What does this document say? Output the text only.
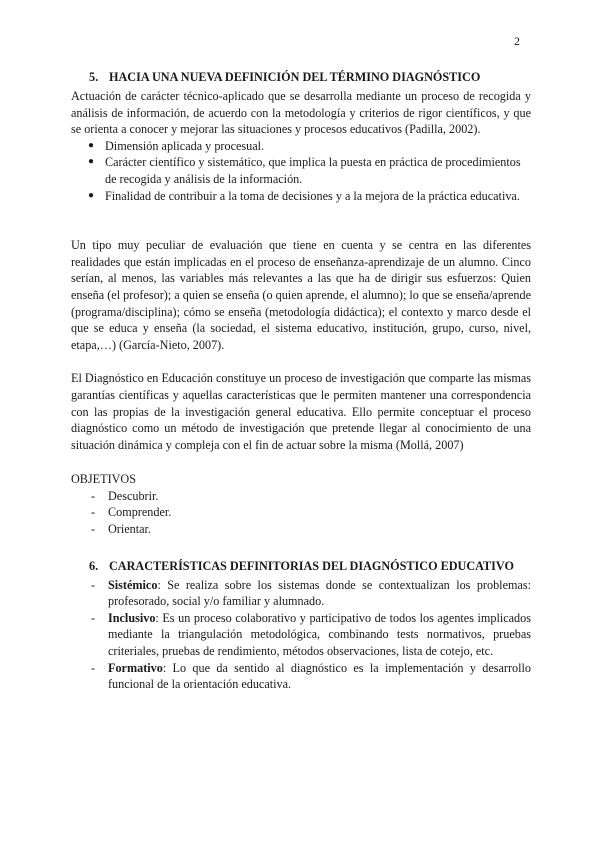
2
5. HACIA UNA NUEVA DEFINICIÓN DEL TÉRMINO DIAGNÓSTICO

Actuación de carácter técnico-aplicado que se desarrolla mediante un proceso de recogida y análisis de información, de acuerdo con la metodología y criterios de rigor científicos, y que se orienta a conocer y mejorar las situaciones y procesos educativos (Padilla, 2002).

● Dimensión aplicada y procesual.
● Carácter científico y sistemático, que implica la puesta en práctica de procedimientos de recogida y análisis de la información.
● Finalidad de contribuir a la toma de decisiones y a la mejora de la práctica educativa.

Un tipo muy peculiar de evaluación que tiene en cuenta y se centra en las diferentes realidades que están implicadas en el proceso de enseñanza-aprendizaje de un alumno. Cinco serían, al menos, las variables más relevantes a las que ha de dirigir sus esfuerzos: Quien enseña (el profesor); a quien se enseña (o quien aprende, el alumno); lo que se enseña/aprende (programa/disciplina); cómo se enseña (metodología didáctica); el contexto y marco desde el que se educa y enseña (la sociedad, el sistema educativo, institución, grupo, curso, nivel, etapa,…) (García-Nieto, 2007).

El Diagnóstico en Educación constituye un proceso de investigación que comparte las mismas garantías científicas y aquellas características que le permiten mantener una correspondencia con las propias de la investigación general educativa. Ello permite conceptuar el proceso diagnóstico como un método de investigación que pretende llegar al conocimiento de una situación dinámica y compleja con el fin de actuar sobre la misma (Mollá, 2007)

OBJETIVOS
- Descubrir.
- Comprender.
- Orientar.
6. CARACTERÍSTICAS DEFINITORIAS DEL DIAGNÓSTICO EDUCATIVO
- Sistémico: Se realiza sobre los sistemas donde se contextualizan los problemas: profesorado, social y/o familiar y alumnado.
- Inclusivo: Es un proceso colaborativo y participativo de todos los agentes implicados mediante la triangulación metodológica, combinando tests normativos, pruebas criteriales, pruebas de rendimiento, métodos observaciones, lista de cotejo, etc.
- Formativo: Lo que da sentido al diagnóstico es la implementación y desarrollo funcional de la orientación educativa.
